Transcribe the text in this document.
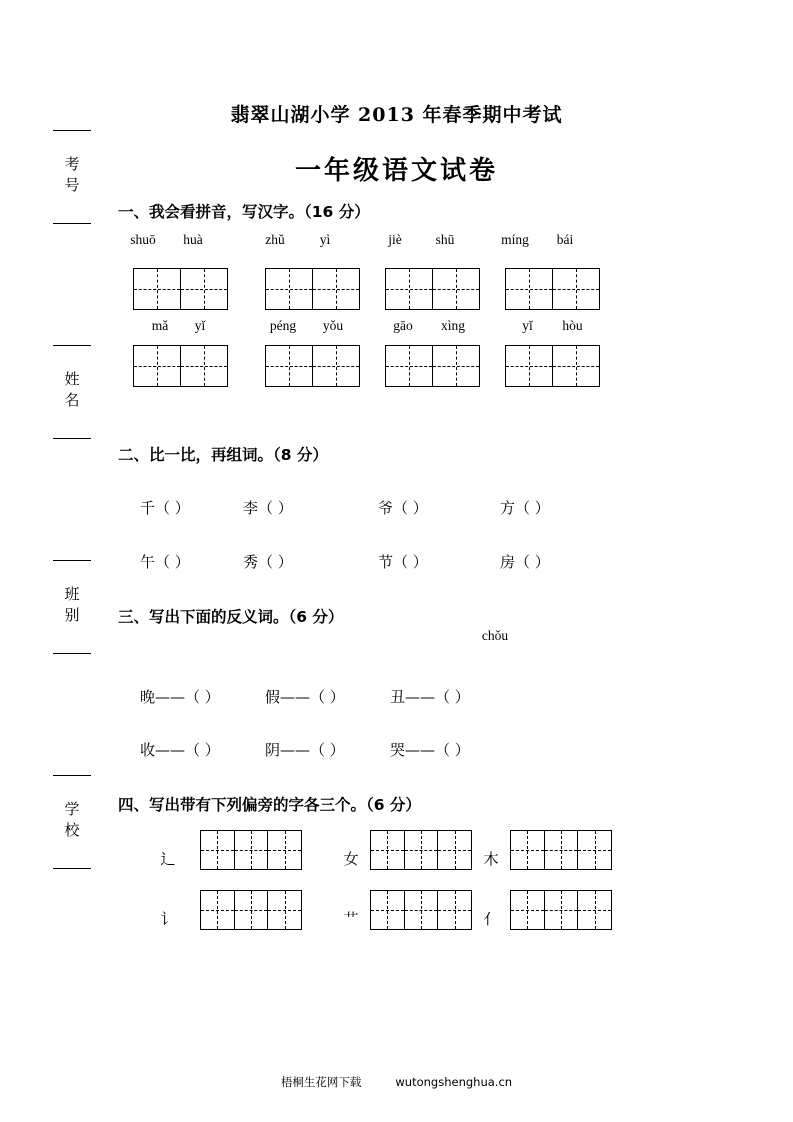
考号
姓名
班别
学校
翡翠山湖小学 2013 年春季期中考试
一年级语文试卷
一、我会看拼音，写汉字。（16 分）
shuō	huà	zhǔ	yì	jiè	shū	míng	bái
mǎ	yǐ	péng	yǒu	gāo	xìng	yǐ	hòu
二、比一比，再组词。（8 分）
千（ ）	李（ ）	爷（ ）	方（ ）
午（ ）	秀（ ）	节（ ）	房（ ）
三、写出下面的反义词。（6 分）
chǒu
晚——（ ）	假——（ ）	丑——（ ）
收——（ ）	阴——（ ）	哭——（ ）
四、写出带有下列偏旁的字各三个。（6 分）
辶	女	木
讠	艹	亻
梧桐生花网下载	wutongshenghua.cn
